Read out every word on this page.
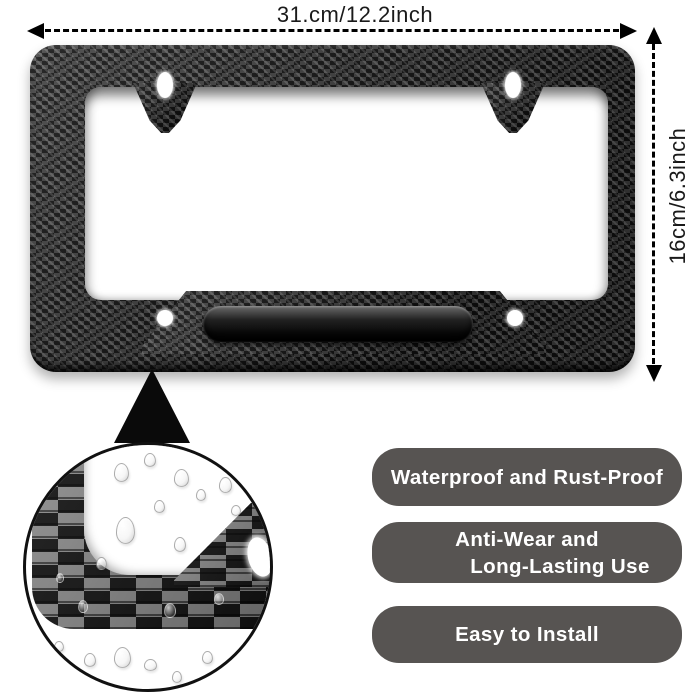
31.cm/12.2inch
16cm/6.3inch
Waterproof and Rust-Proof
Anti-Wear and
Long-Lasting Use
Easy to Install
